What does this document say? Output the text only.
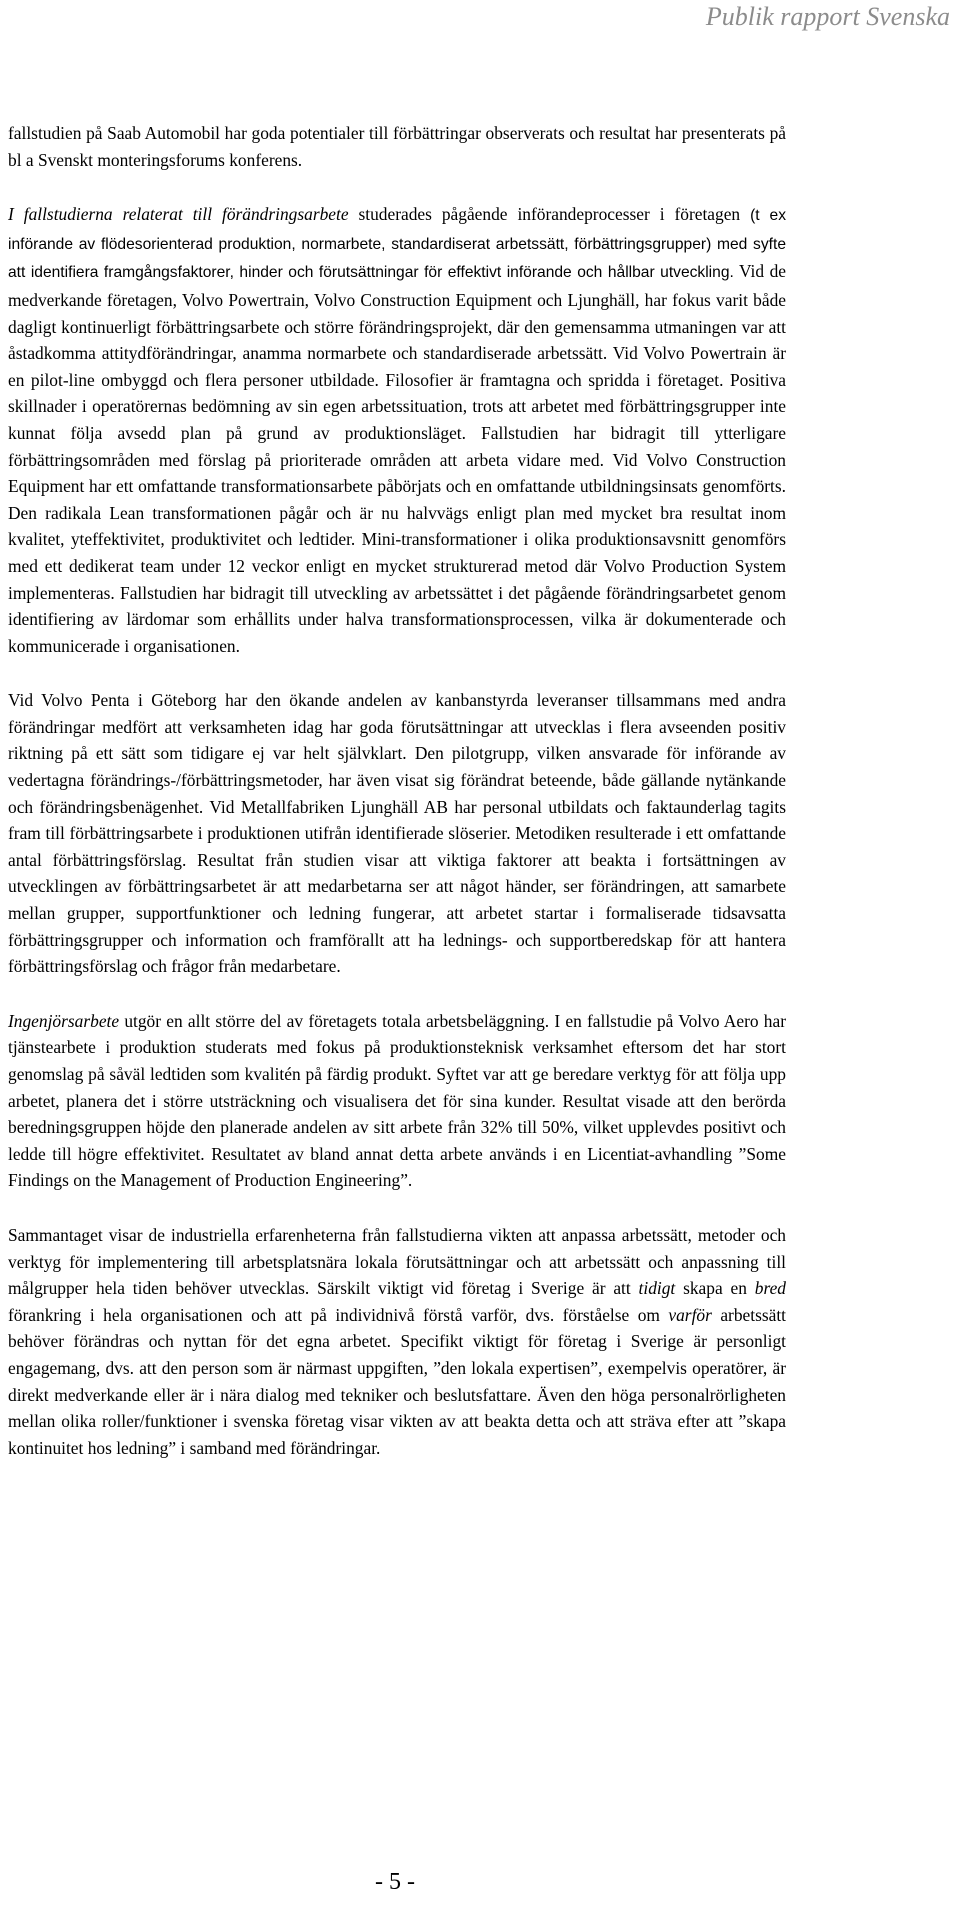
Publik rapport Svenska

fallstudien på Saab Automobil har goda potentialer till förbättringar observerats och resultat har presenterats på bl a Svenskt monteringsforums konferens.

I fallstudierna relaterat till förändringsarbete studerades pågående införandeprocesser i företagen (t ex införande av flödesorienterad produktion, normarbete, standardiserat arbetssätt, förbättringsgrupper) med syfte att identifiera framgångsfaktorer, hinder och förutsättningar för effektivt införande och hållbar utveckling. Vid de medverkande företagen, Volvo Powertrain, Volvo Construction Equipment och Ljunghäll, har fokus varit både dagligt kontinuerligt förbättringsarbete och större förändringsprojekt, där den gemensamma utmaningen var att åstadkomma attitydförändringar, anamma normarbete och standardiserade arbetssätt. Vid Volvo Powertrain är en pilot-line ombyggd och flera personer utbildade. Filosofier är framtagna och spridda i företaget. Positiva skillnader i operatörernas bedömning av sin egen arbetssituation, trots att arbetet med förbättringsgrupper inte kunnat följa avsedd plan på grund av produktionsläget. Fallstudien har bidragit till ytterligare förbättringsområden med förslag på prioriterade områden att arbeta vidare med. Vid Volvo Construction Equipment har ett omfattande transformationsarbete påbörjats och en omfattande utbildningsinsats genomförts. Den radikala Lean transformationen pågår och är nu halvvägs enligt plan med mycket bra resultat inom kvalitet, yteffektivitet, produktivitet och ledtider. Mini-transformationer i olika produktionsavsnitt genomförs med ett dedikerat team under 12 veckor enligt en mycket strukturerad metod där Volvo Production System implementeras. Fallstudien har bidragit till utveckling av arbetssättet i det pågående förändringsarbetet genom identifiering av lärdomar som erhållits under halva transformationsprocessen, vilka är dokumenterade och kommunicerade i organisationen.

Vid Volvo Penta i Göteborg har den ökande andelen av kanbanstyrda leveranser tillsammans med andra förändringar medfört att verksamheten idag har goda förutsättningar att utvecklas i flera avseenden positiv riktning på ett sätt som tidigare ej var helt självklart. Den pilotgrupp, vilken ansvarade för införande av vedertagna förändrings-/förbättringsmetoder, har även visat sig förändrat beteende, både gällande nytänkande och förändringsbenägenhet. Vid Metallfabriken Ljunghäll AB har personal utbildats och faktaunderlag tagits fram till förbättringsarbete i produktionen utifrån identifierade slöserier. Metodiken resulterade i ett omfattande antal förbättringsförslag. Resultat från studien visar att viktiga faktorer att beakta i fortsättningen av utvecklingen av förbättringsarbetet är att medarbetarna ser att något händer, ser förändringen, att samarbete mellan grupper, supportfunktioner och ledning fungerar, att arbetet startar i formaliserade tidsavsatta förbättringsgrupper och information och framförallt att ha lednings- och supportberedskap för att hantera förbättringsförslag och frågor från medarbetare.

Ingenjörsarbete utgör en allt större del av företagets totala arbetsbeläggning. I en fallstudie på Volvo Aero har tjänstearbete i produktion studerats med fokus på produktionsteknisk verksamhet eftersom det har stort genomslag på såväl ledtiden som kvalitén på färdig produkt. Syftet var att ge beredare verktyg för att följa upp arbetet, planera det i större utsträckning och visualisera det för sina kunder. Resultat visade att den berörda beredningsgruppen höjde den planerade andelen av sitt arbete från 32% till 50%, vilket upplevdes positivt och ledde till högre effektivitet. Resultatet av bland annat detta arbete används i en Licentiat-avhandling ”Some Findings on the Management of Production Engineering”.

Sammantaget visar de industriella erfarenheterna från fallstudierna vikten att anpassa arbetssätt, metoder och verktyg för implementering till arbetsplatsnära lokala förutsättningar och att arbetssätt och anpassning till målgrupper hela tiden behöver utvecklas. Särskilt viktigt vid företag i Sverige är att tidigt skapa en bred förankring i hela organisationen och att på individnivå förstå varför, dvs. förståelse om varför arbetssätt behöver förändras och nyttan för det egna arbetet. Specifikt viktigt för företag i Sverige är personligt engagemang, dvs. att den person som är närmast uppgiften, ”den lokala expertisen”, exempelvis operatörer, är direkt medverkande eller är i nära dialog med tekniker och beslutsfattare. Även den höga personalrörligheten mellan olika roller/funktioner i svenska företag visar vikten av att beakta detta och att sträva efter att ”skapa kontinuitet hos ledning” i samband med förändringar.

- 5 -
